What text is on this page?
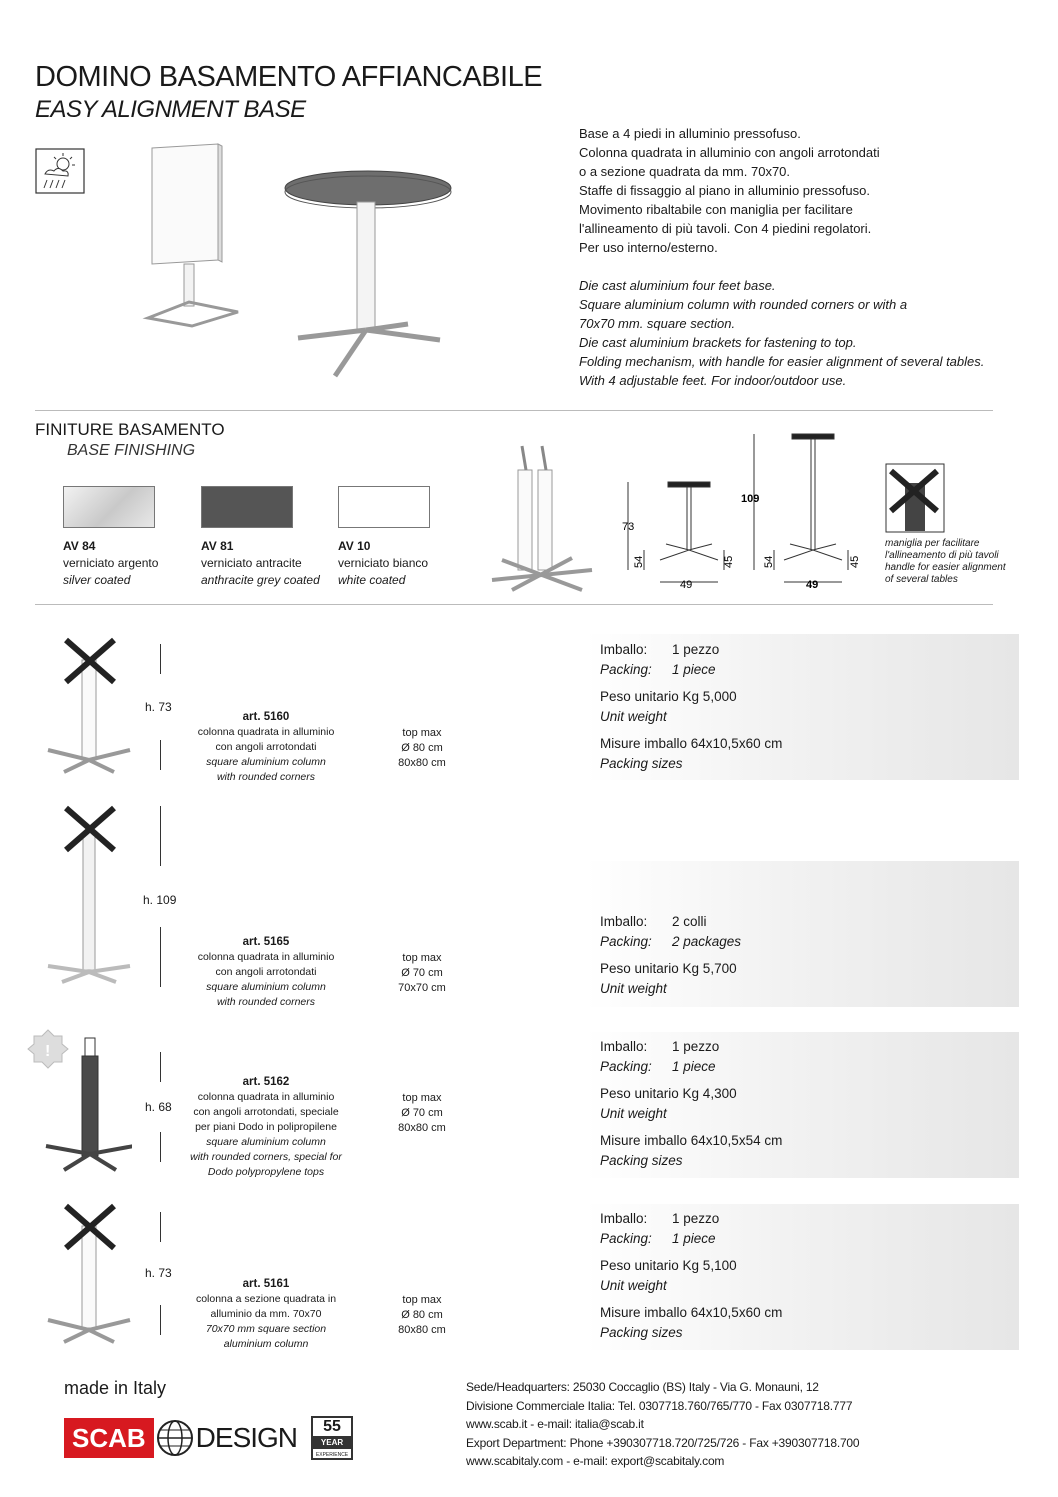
DOMINO BASAMENTO AFFIANCABILE
EASY ALIGNMENT BASE

Base a 4 piedi in alluminio pressofuso.

Colonna quadrata in alluminio con angoli arrotondati

o a sezione quadrata da mm. 70x70.

Staffe di fissaggio al piano in alluminio pressofuso.

Movimento ribaltabile con maniglia per facilitare

l'allineamento di più tavoli. Con 4 piedini regolatori.

Per uso interno/esterno.

Die cast aluminium four feet base.

Square aluminium column with rounded corners or with a

70x70 mm. square section.

Die cast aluminium brackets for fastening to top.

Folding mechanism, with handle for easier alignment of several tables.

With 4 adjustable feet. For indoor/outdoor use.

FINITURE BASAMENTO
BASE FINISHING
AV 84
verniciato argento
silver coated
AV 81
verniciato antracite
anthracite grey coated
AV 10
verniciato bianco
white coated
73
54	45
49
109
54	45
49
maniglia per facilitare
l'allineamento di più tavoli
handle for easier alignment
of several tables
h. 73
art. 5160
colonna quadrata in alluminio
con angoli arrotondati
square aluminium column
with rounded corners
top max
Ø 80 cm
80x80 cm
Imballo:	1 pezzo
Packing:	1 piece
Peso unitario Kg 5,000
Unit weight
Misure imballo 64x10,5x60 cm
Packing sizes
h. 109
art. 5165
colonna quadrata in alluminio
con angoli arrotondati
square aluminium column
with rounded corners
top max
Ø 70 cm
70x70 cm
Imballo:	2 colli
Packing:	2 packages
Peso unitario Kg 5,700
Unit weight
!
h. 68
art. 5162
colonna quadrata in alluminio
con angoli arrotondati, speciale
per piani Dodo in polipropilene
square aluminium column
with rounded corners, special for
Dodo polypropylene tops
top max
Ø 70 cm
80x80 cm
Imballo:	1 pezzo
Packing:	1 piece
Peso unitario Kg 4,300
Unit weight
Misure imballo 64x10,5x54 cm
Packing sizes
h. 73
art. 5161
colonna a sezione quadrata in
alluminio da mm. 70x70
70x70 mm square section
aluminium column
top max
Ø 80 cm
80x80 cm
Imballo:	1 pezzo
Packing:	1 piece
Peso unitario Kg 5,100
Unit weight
Misure imballo 64x10,5x60 cm
Packing sizes
made in Italy
SCAB DESIGN	55
YEAR
EXPERIENCE
Sede/Headquarters: 25030 Coccaglio (BS) Italy - Via G. Monauni, 12
Divisione Commerciale Italia: Tel. 0307718.760/765/770 - Fax 0307718.777
www.scab.it - e-mail: italia@scab.it
Export Department: Phone +390307718.720/725/726 - Fax +390307718.700
www.scabitaly.com - e-mail: export@scabitaly.com
